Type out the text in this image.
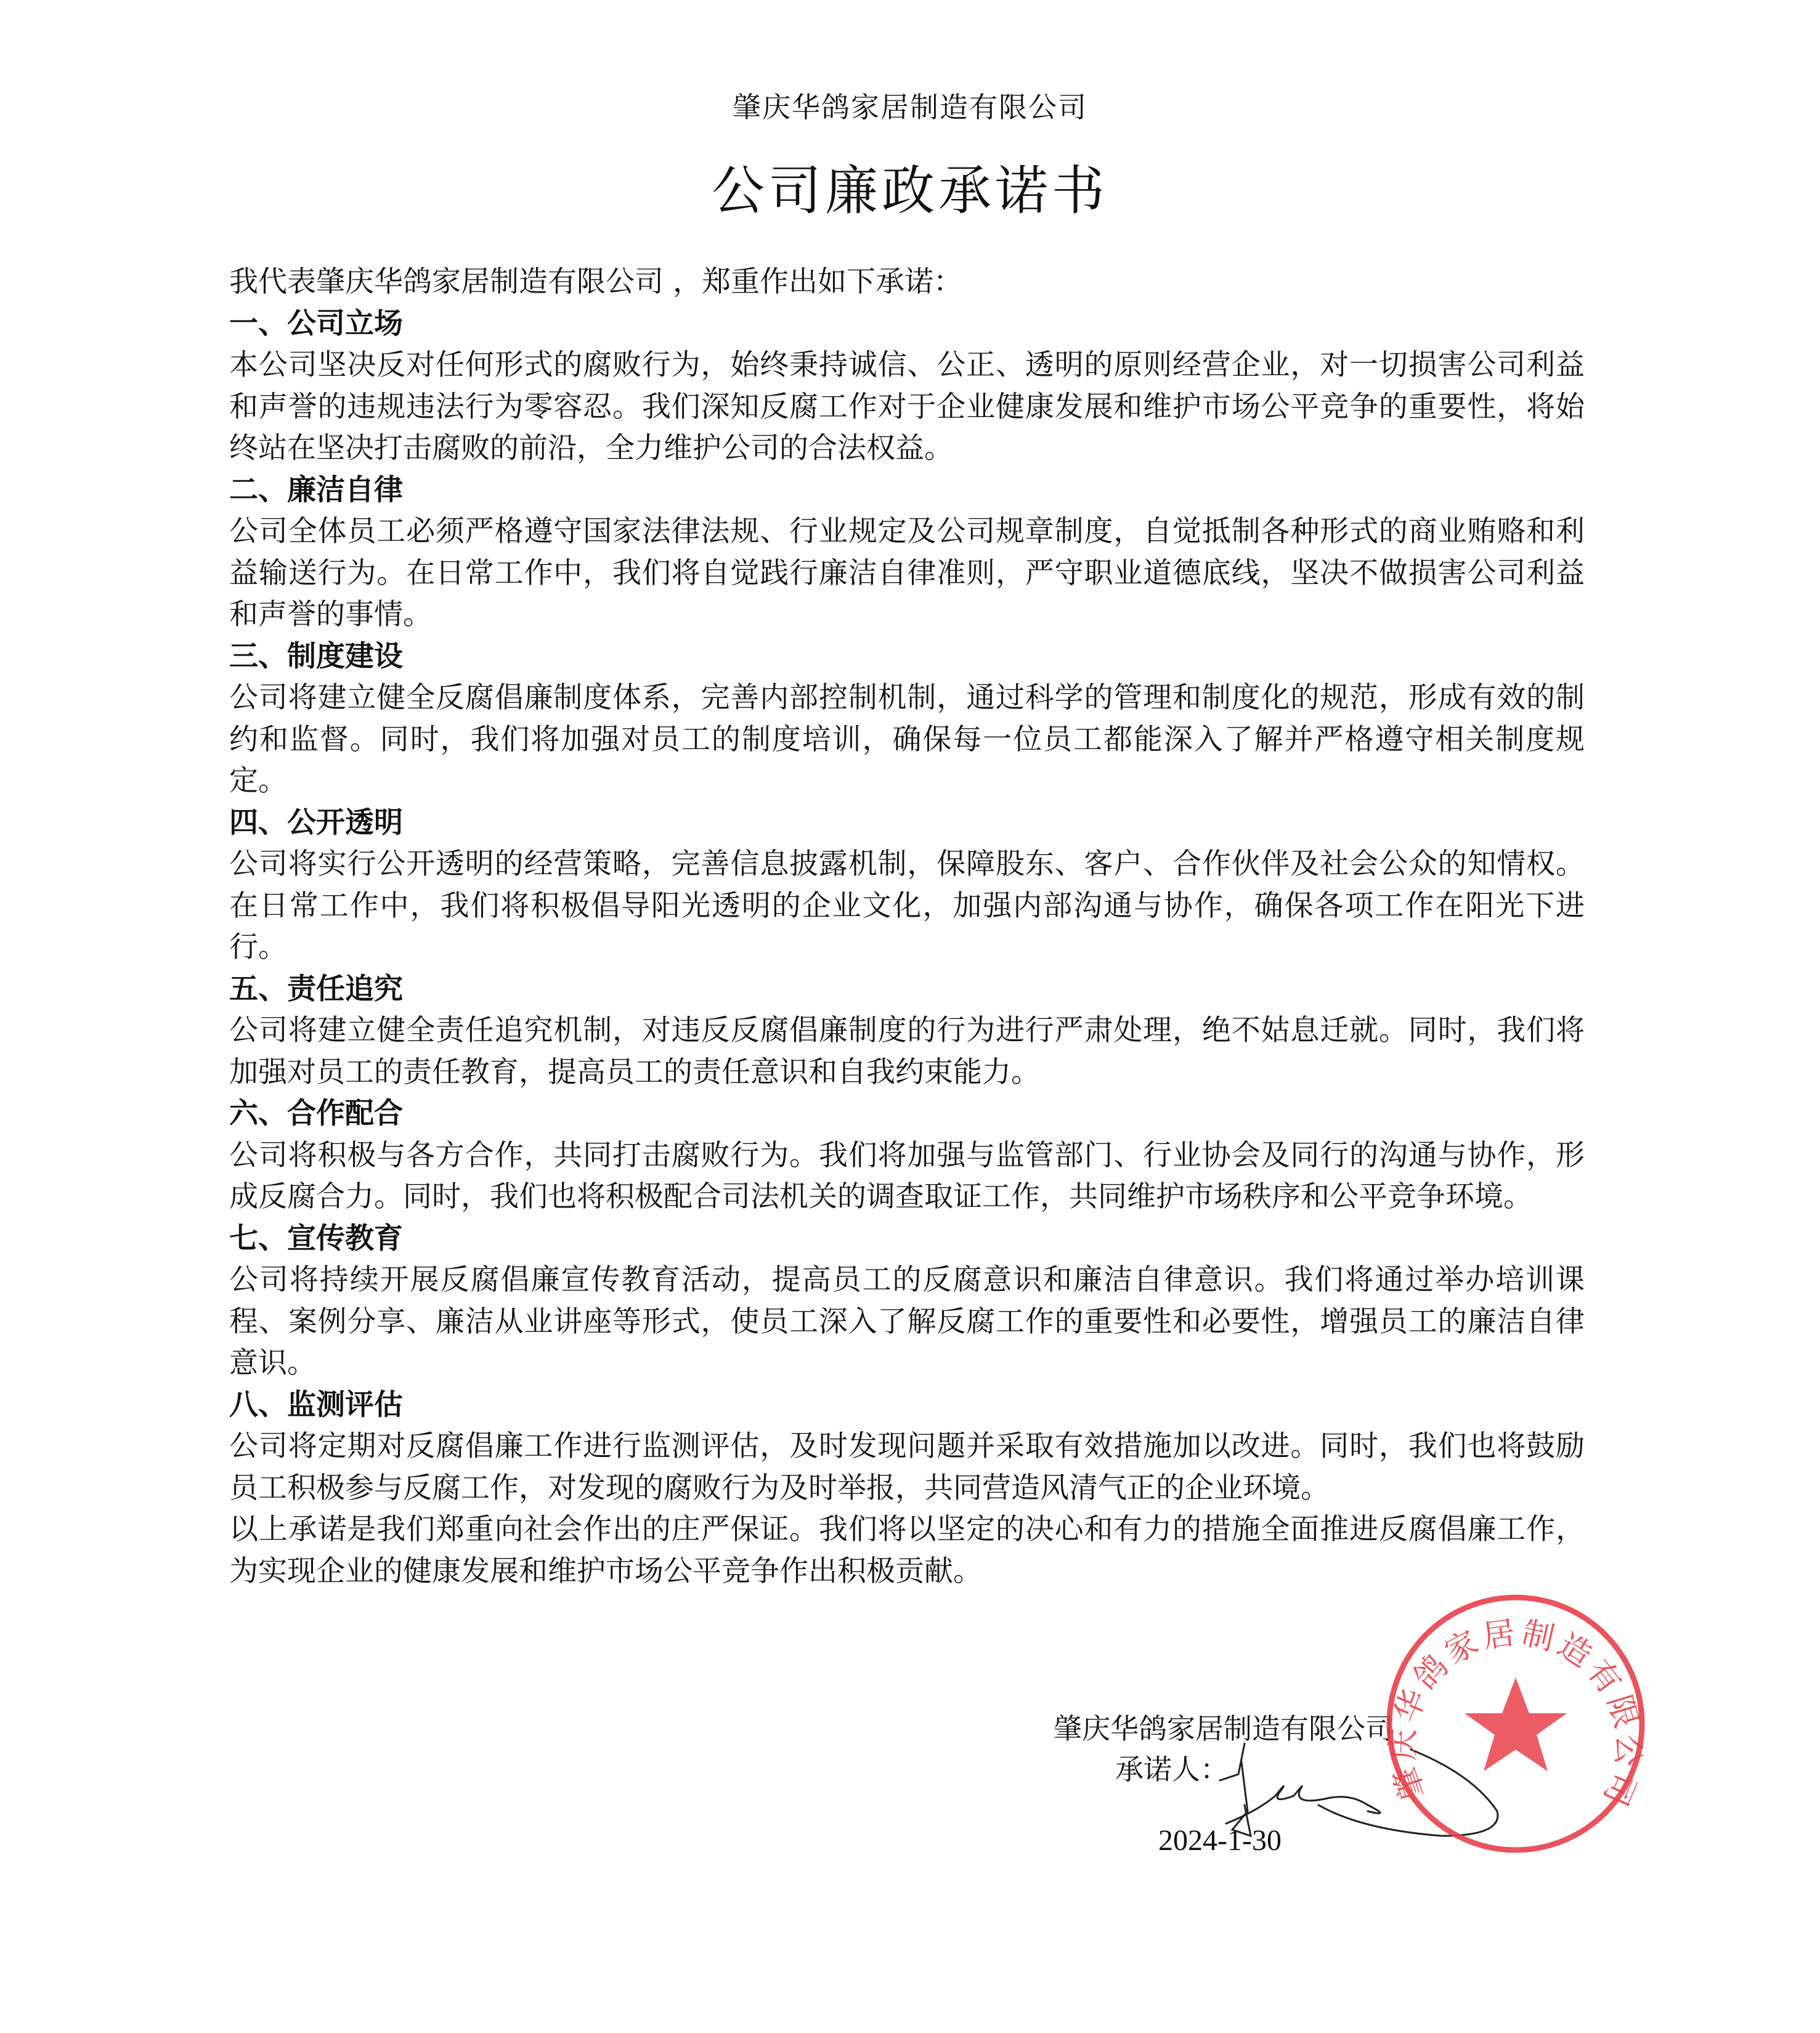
肇庆华鸽家居制造有限公司
公司廉政承诺书

我代表肇庆华鸽家居制造有限公司 ，郑重作出如下承诺：

一、公司立场

本公司坚决反对任何形式的腐败行为，始终秉持诚信、公正、透明的原则经营企业，对一切损害公司利益和声誉的违规违法行为零容忍。我们深知反腐工作对于企业健康发展和维护市场公平竞争的重要性，将始终站在坚决打击腐败的前沿，全力维护公司的合法权益。

二、廉洁自律

公司全体员工必须严格遵守国家法律法规、行业规定及公司规章制度，自觉抵制各种形式的商业贿赂和利益输送行为。在日常工作中，我们将自觉践行廉洁自律准则，严守职业道德底线，坚决不做损害公司利益和声誉的事情。

三、制度建设

公司将建立健全反腐倡廉制度体系，完善内部控制机制，通过科学的管理和制度化的规范，形成有效的制约和监督。同时，我们将加强对员工的制度培训，确保每一位员工都能深入了解并严格遵守相关制度规定。

四、公开透明

公司将实行公开透明的经营策略，完善信息披露机制，保障股东、客户、合作伙伴及社会公众的知情权。在日常工作中，我们将积极倡导阳光透明的企业文化，加强内部沟通与协作，确保各项工作在阳光下进行。

五、责任追究

公司将建立健全责任追究机制，对违反反腐倡廉制度的行为进行严肃处理，绝不姑息迁就。同时，我们将加强对员工的责任教育，提高员工的责任意识和自我约束能力。

六、合作配合

公司将积极与各方合作，共同打击腐败行为。我们将加强与监管部门、行业协会及同行的沟通与协作，形成反腐合力。同时，我们也将积极配合司法机关的调查取证工作，共同维护市场秩序和公平竞争环境。

七、宣传教育

公司将持续开展反腐倡廉宣传教育活动，提高员工的反腐意识和廉洁自律意识。我们将通过举办培训课程、案例分享、廉洁从业讲座等形式，使员工深入了解反腐工作的重要性和必要性，增强员工的廉洁自律意识。

八、监测评估

公司将定期对反腐倡廉工作进行监测评估，及时发现问题并采取有效措施加以改进。同时，我们也将鼓励员工积极参与反腐工作，对发现的腐败行为及时举报，共同营造风清气正的企业环境。

以上承诺是我们郑重向社会作出的庄严保证。我们将以坚定的决心和有力的措施全面推进反腐倡廉工作，为实现企业的健康发展和维护市场公平竞争作出积极贡献。

肇庆华鸽家居制造有限公司
承诺人：
2024-1-30
肇庆华鸽家居制造有限公司
